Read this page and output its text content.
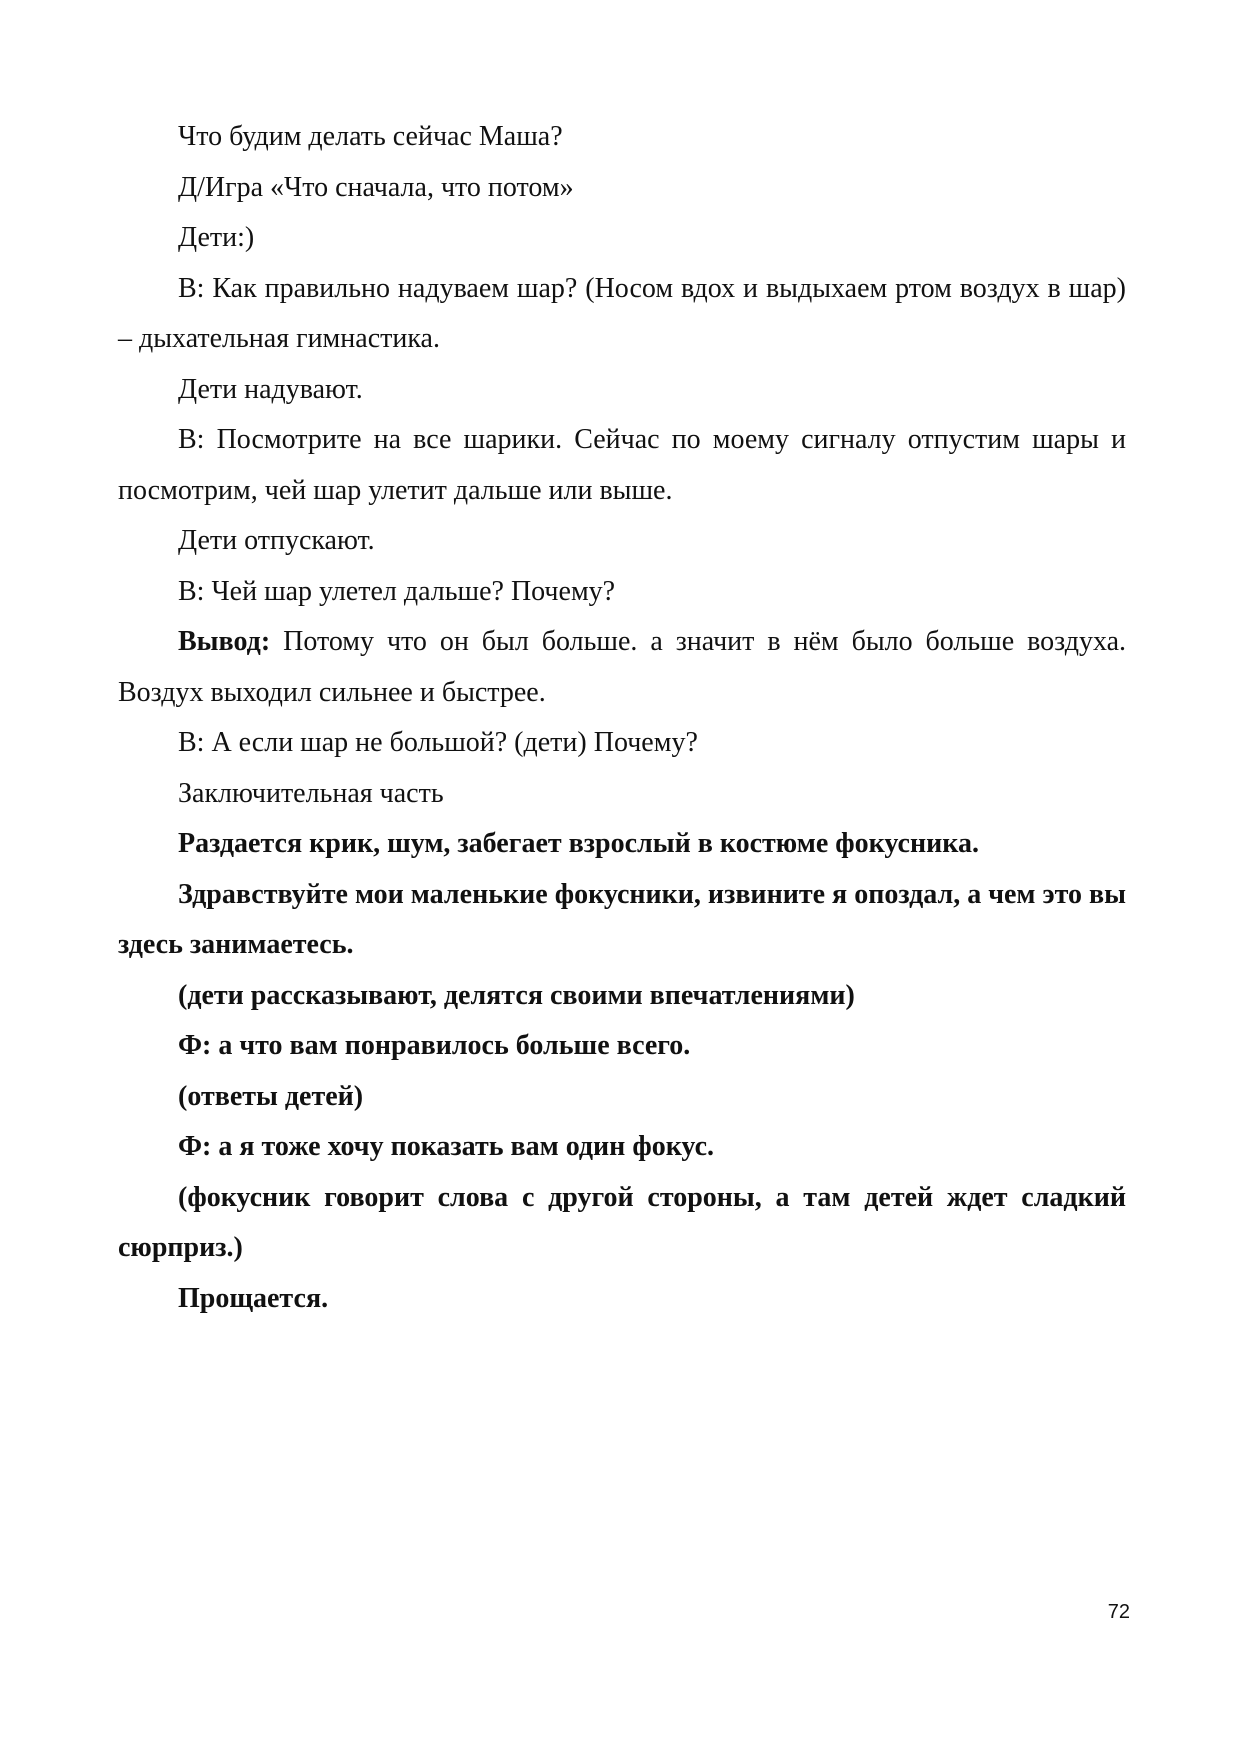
Что будим делать сейчас Маша?

Д/Игра «Что сначала, что потом»

Дети:)

В: Как правильно надуваем шар? (Носом вдох и выдыхаем ртом воздух в шар) – дыхательная гимнастика.

Дети надувают.

В: Посмотрите на все шарики. Сейчас по моему сигналу отпустим шары и посмотрим, чей шар улетит дальше или выше.

Дети отпускают.

В: Чей шар улетел дальше? Почему?

Вывод: Потому что он был больше. а значит в нём было больше воздуха. Воздух выходил сильнее и быстрее.

В: А если шар не большой? (дети) Почему?

Заключительная часть

Раздается крик, шум, забегает взрослый в костюме фокусника.

Здравствуйте мои маленькие фокусники, извините я опоздал, а чем это вы здесь занимаетесь.

(дети рассказывают, делятся своими впечатлениями)

Ф: а что вам понравилось больше всего.

(ответы детей)

Ф: а я тоже хочу показать вам один фокус.

(фокусник говорит слова с другой стороны, а там детей ждет сладкий сюрприз.)

Прощается.

72
